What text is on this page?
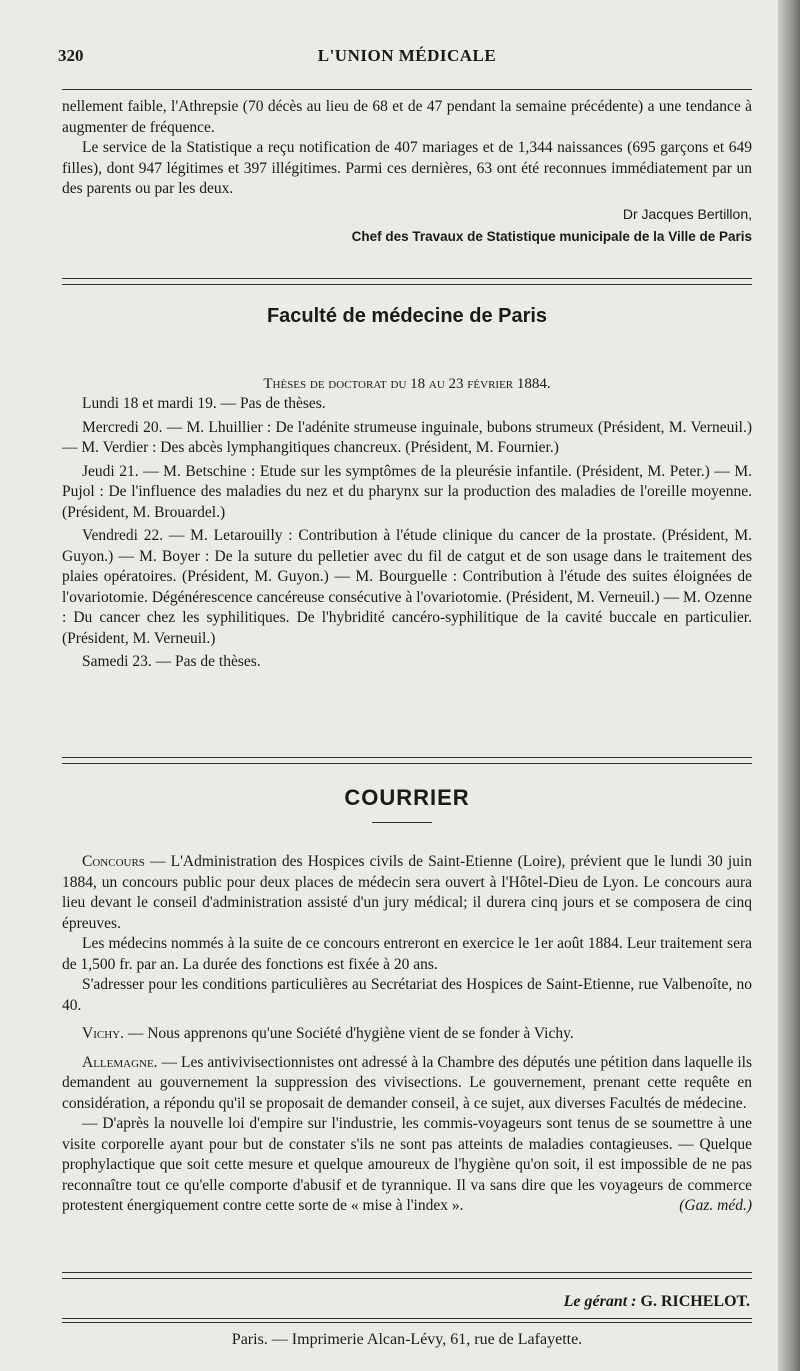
320	L'UNION MÉDICALE

nellement faible, l'Athrepsie (70 décès au lieu de 68 et de 47 pendant la semaine précédente) a une tendance à augmenter de fréquence.

Le service de la Statistique a reçu notification de 407 mariages et de 1,344 naissances (695 garçons et 649 filles), dont 947 légitimes et 397 illégitimes. Parmi ces dernières, 63 ont été reconnues immédiatement par un des parents ou par les deux.

Dr Jacques Bertillon,
Chef des Travaux de Statistique municipale de la Ville de Paris
Faculté de médecine de Paris
Thèses de doctorat du 18 au 23 février 1884.

Lundi 18 et mardi 19. — Pas de thèses.

Mercredi 20. — M. Lhuillier : De l'adénite strumeuse inguinale, bubons strumeux (Président, M. Verneuil.) — M. Verdier : Des abcès lymphangitiques chancreux. (Président, M. Fournier.)

Jeudi 21. — M. Betschine : Etude sur les symptômes de la pleurésie infantile. (Président, M. Peter.) — M. Pujol : De l'influence des maladies du nez et du pharynx sur la production des maladies de l'oreille moyenne. (Président, M. Brouardel.)

Vendredi 22. — M. Letarouilly : Contribution à l'étude clinique du cancer de la prostate. (Président, M. Guyon.) — M. Boyer : De la suture du pelletier avec du fil de catgut et de son usage dans le traitement des plaies opératoires. (Président, M. Guyon.) — M. Bourguelle : Contribution à l'étude des suites éloignées de l'ovariotomie. Dégénérescence cancéreuse consécutive à l'ovariotomie. (Président, M. Verneuil.) — M. Ozenne : Du cancer chez les syphilitiques. De l'hybridité cancéro-syphilitique de la cavité buccale en particulier. (Président, M. Verneuil.)

Samedi 23. — Pas de thèses.

COURRIER

Concours — L'Administration des Hospices civils de Saint-Etienne (Loire), prévient que le lundi 30 juin 1884, un concours public pour deux places de médecin sera ouvert à l'Hôtel-Dieu de Lyon. Le concours aura lieu devant le conseil d'administration assisté d'un jury médical; il durera cinq jours et se composera de cinq épreuves.

Les médecins nommés à la suite de ce concours entreront en exercice le 1er août 1884. Leur traitement sera de 1,500 fr. par an. La durée des fonctions est fixée à 20 ans.

S'adresser pour les conditions particulières au Secrétariat des Hospices de Saint-Etienne, rue Valbenoîte, no 40.

Vichy. — Nous apprenons qu'une Société d'hygiène vient de se fonder à Vichy.

Allemagne. — Les antivivisectionnistes ont adressé à la Chambre des députés une pétition dans laquelle ils demandent au gouvernement la suppression des vivisections. Le gouvernement, prenant cette requête en considération, a répondu qu'il se proposait de demander conseil, à ce sujet, aux diverses Facultés de médecine.

— D'après la nouvelle loi d'empire sur l'industrie, les commis-voyageurs sont tenus de se soumettre à une visite corporelle ayant pour but de constater s'ils ne sont pas atteints de maladies contagieuses. — Quelque prophylactique que soit cette mesure et quelque amoureux de l'hygiène qu'on soit, il est impossible de ne pas reconnaître tout ce qu'elle comporte d'abusif et de tyrannique. Il va sans dire que les voyageurs de commerce protestent énergiquement contre cette sorte de « mise à l'index ».	(Gaz. méd.)

Le gérant : G. RICHELOT.
Paris. — Imprimerie Alcan-Lévy, 61, rue de Lafayette.
